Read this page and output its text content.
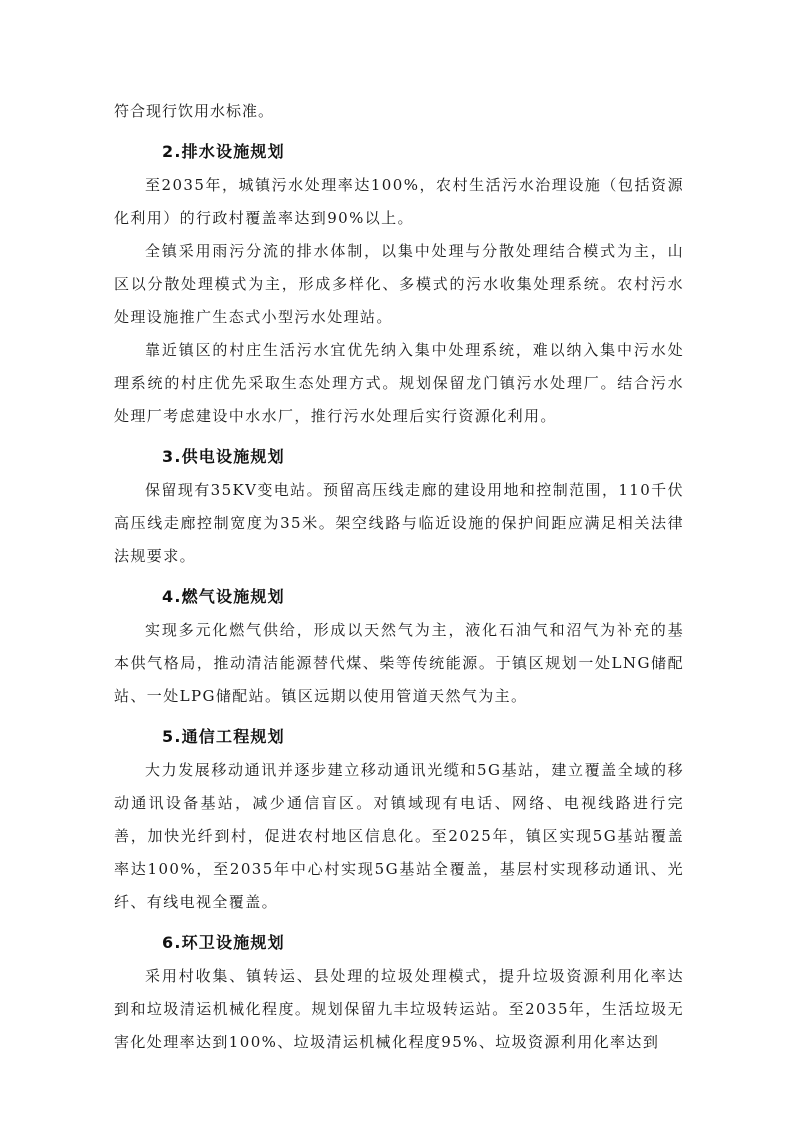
符合现行饮用水标准。

2.排水设施规划

至2035年，城镇污水处理率达100%，农村生活污水治理设施（包括资源化利用）的行政村覆盖率达到90%以上。

全镇采用雨污分流的排水体制，以集中处理与分散处理结合模式为主，山区以分散处理模式为主，形成多样化、多模式的污水收集处理系统。农村污水处理设施推广生态式小型污水处理站。

靠近镇区的村庄生活污水宜优先纳入集中处理系统，难以纳入集中污水处理系统的村庄优先采取生态处理方式。规划保留龙门镇污水处理厂。结合污水处理厂考虑建设中水水厂，推行污水处理后实行资源化利用。

3.供电设施规划

保留现有35KV变电站。预留高压线走廊的建设用地和控制范围，110千伏高压线走廊控制宽度为35米。架空线路与临近设施的保护间距应满足相关法律法规要求。

4.燃气设施规划

实现多元化燃气供给，形成以天然气为主，液化石油气和沼气为补充的基本供气格局，推动清洁能源替代煤、柴等传统能源。于镇区规划一处LNG储配站、一处LPG储配站。镇区远期以使用管道天然气为主。

5.通信工程规划

大力发展移动通讯并逐步建立移动通讯光缆和5G基站，建立覆盖全域的移动通讯设备基站，减少通信盲区。对镇域现有电话、网络、电视线路进行完善，加快光纤到村，促进农村地区信息化。至2025年，镇区实现5G基站覆盖率达100%，至2035年中心村实现5G基站全覆盖，基层村实现移动通讯、光纤、有线电视全覆盖。

6.环卫设施规划

采用村收集、镇转运、县处理的垃圾处理模式，提升垃圾资源利用化率达到和垃圾清运机械化程度。规划保留九丰垃圾转运站。至2035年，生活垃圾无害化处理率达到100%、垃圾清运机械化程度95%、垃圾资源利用化率达到
